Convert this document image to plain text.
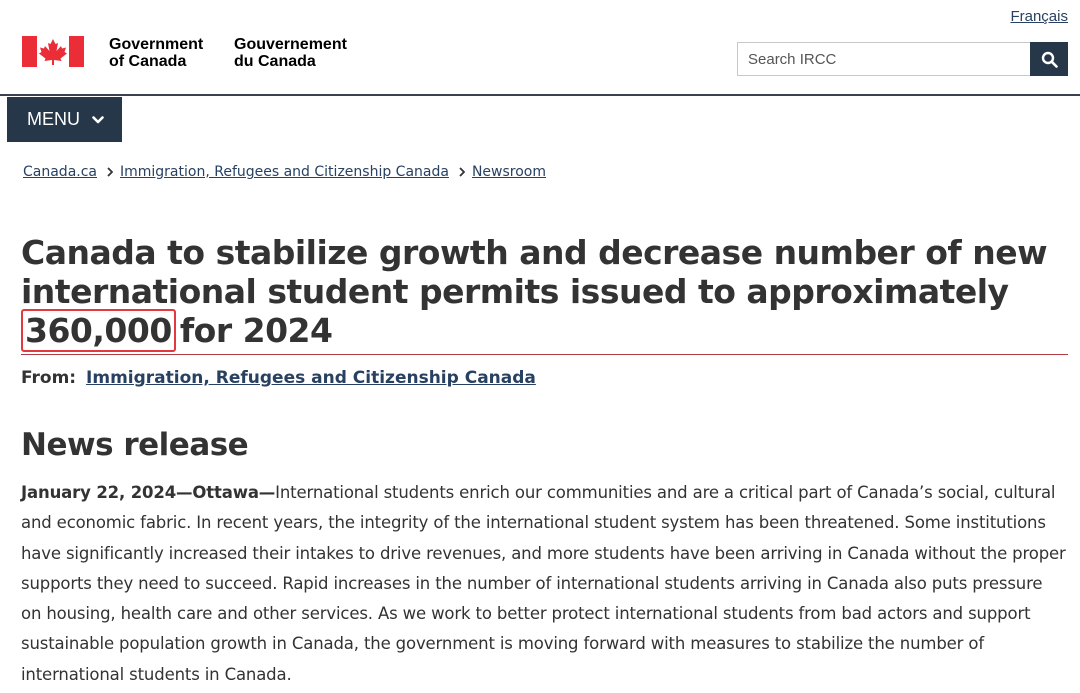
Français
Government
of Canada
Gouvernement
du Canada
Search IRCC
MENU
Canada.ca Immigration, Refugees and Citizenship Canada Newsroom
Canada to stabilize growth and decrease number of new international student permits issued to approximately 360,000 for 2024
From: Immigration, Refugees and Citizenship Canada
News release

January 22, 2024—Ottawa—International students enrich our communities and are a critical part of Canada’s social, cultural and economic fabric. In recent years, the integrity of the international student system has been threatened. Some institutions have significantly increased their intakes to drive revenues, and more students have been arriving in Canada without the proper supports they need to succeed. Rapid increases in the number of international students arriving in Canada also puts pressure on housing, health care and other services. As we work to better protect international students from bad actors and support sustainable population growth in Canada, the government is moving forward with measures to stabilize the number of international students in Canada.
